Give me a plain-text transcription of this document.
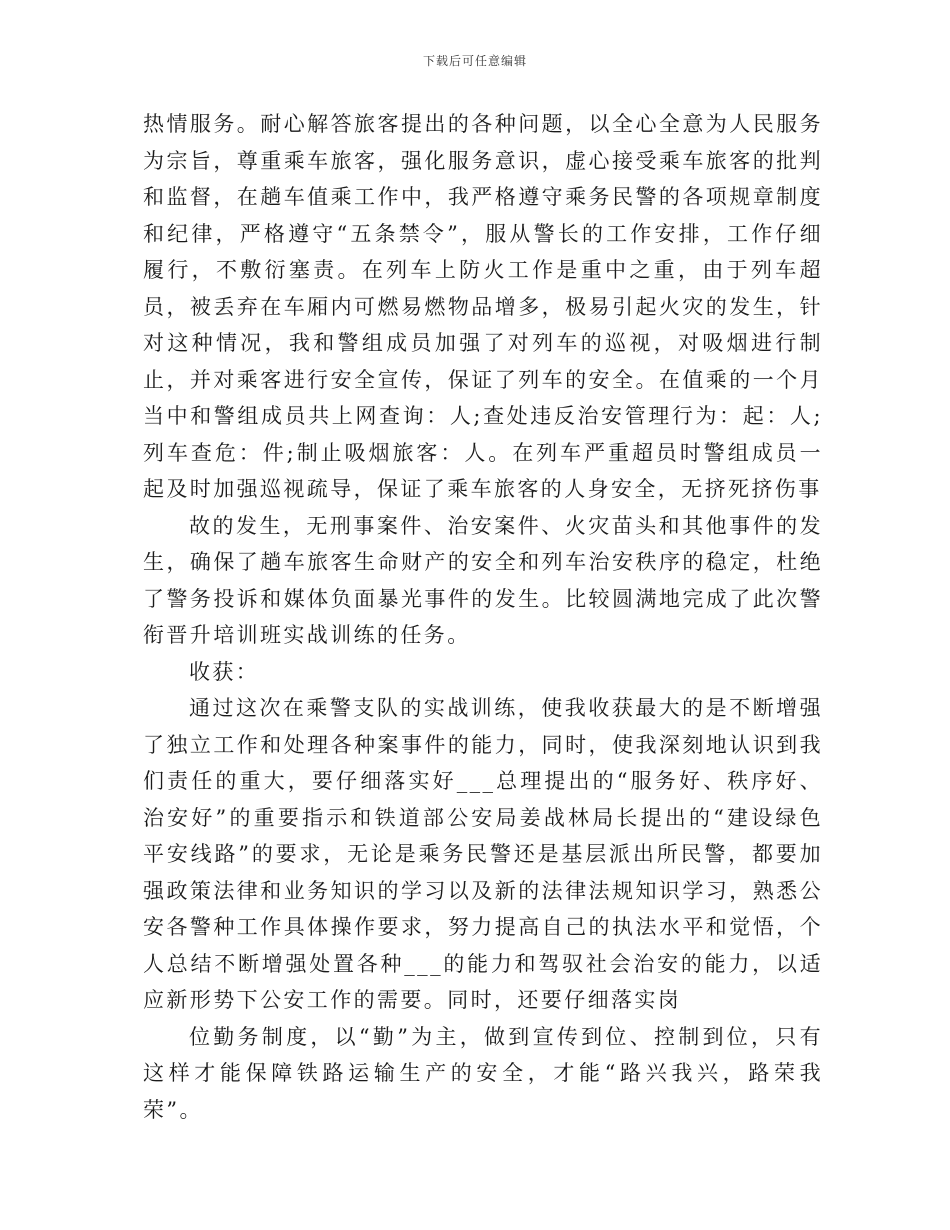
下载后可任意编辑

热情服务。耐心解答旅客提出的各种问题，以全心全意为人民服务为宗旨，尊重乘车旅客，强化服务意识，虚心接受乘车旅客的批判和监督，在趟车值乘工作中，我严格遵守乘务民警的各项规章制度和纪律，严格遵守“五条禁令”，服从警长的工作安排，工作仔细履行，不敷衍塞责。在列车上防火工作是重中之重，由于列车超员，被丢弃在车厢内可燃易燃物品增多，极易引起火灾的发生，针对这种情况，我和警组成员加强了对列车的巡视，对吸烟进行制止，并对乘客进行安全宣传，保证了列车的安全。在值乘的一个月当中和警组成员共上网查询：人;查处违反治安管理行为：起：人;列车查危：件;制止吸烟旅客：人。在列车严重超员时警组成员一起及时加强巡视疏导，保证了乘车旅客的人身安全，无挤死挤伤事

故的发生，无刑事案件、治安案件、火灾苗头和其他事件的发生，确保了趟车旅客生命财产的安全和列车治安秩序的稳定，杜绝了警务投诉和媒体负面暴光事件的发生。比较圆满地完成了此次警衔晋升培训班实战训练的任务。

收获：

通过这次在乘警支队的实战训练，使我收获最大的是不断增强了独立工作和处理各种案事件的能力，同时，使我深刻地认识到我们责任的重大，要仔细落实好___总理提出的“服务好、秩序好、治安好”的重要指示和铁道部公安局姜战林局长提出的“建设绿色平安线路”的要求，无论是乘务民警还是基层派出所民警，都要加强政策法律和业务知识的学习以及新的法律法规知识学习，熟悉公安各警种工作具体操作要求，努力提高自己的执法水平和觉悟，个人总结不断增强处置各种___的能力和驾驭社会治安的能力，以适应新形势下公安工作的需要。同时，还要仔细落实岗

位勤务制度，以“勤”为主，做到宣传到位、控制到位，只有这样才能保障铁路运输生产的安全，才能“路兴我兴，路荣我荣”。
